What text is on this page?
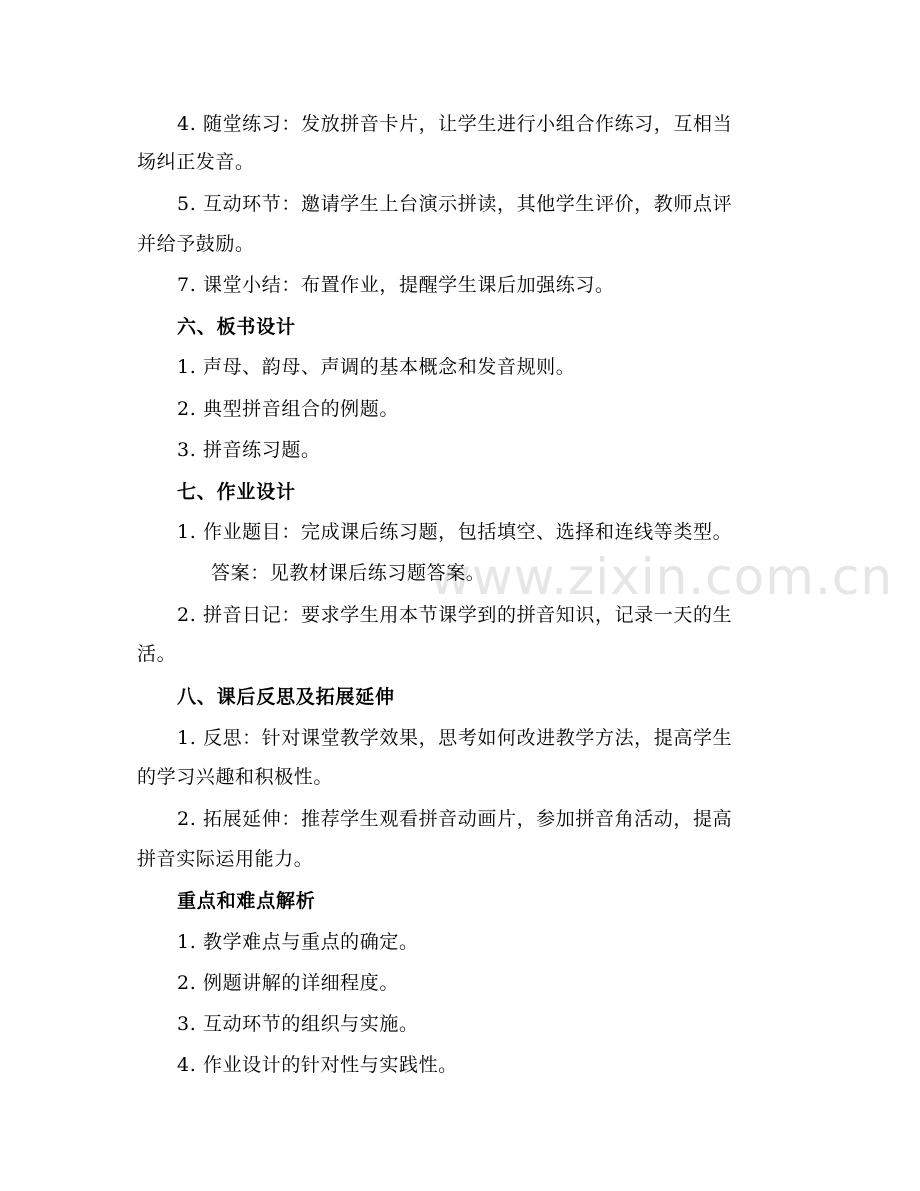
www.zixin.com.cn
4. 随堂练习：发放拼音卡片，让学生进行小组合作练习，互相当
场纠正发音。
5. 互动环节：邀请学生上台演示拼读，其他学生评价，教师点评
并给予鼓励。
7. 课堂小结：布置作业，提醒学生课后加强练习。
六、板书设计
1. 声母、韵母、声调的基本概念和发音规则。
2. 典型拼音组合的例题。
3. 拼音练习题。
七、作业设计
1. 作业题目：完成课后练习题，包括填空、选择和连线等类型。
答案：见教材课后练习题答案。
2. 拼音日记：要求学生用本节课学到的拼音知识，记录一天的生
活。
八、课后反思及拓展延伸
1. 反思：针对课堂教学效果，思考如何改进教学方法，提高学生
的学习兴趣和积极性。
2. 拓展延伸：推荐学生观看拼音动画片，参加拼音角活动，提高
拼音实际运用能力。
重点和难点解析
1. 教学难点与重点的确定。
2. 例题讲解的详细程度。
3. 互动环节的组织与实施。
4. 作业设计的针对性与实践性。
